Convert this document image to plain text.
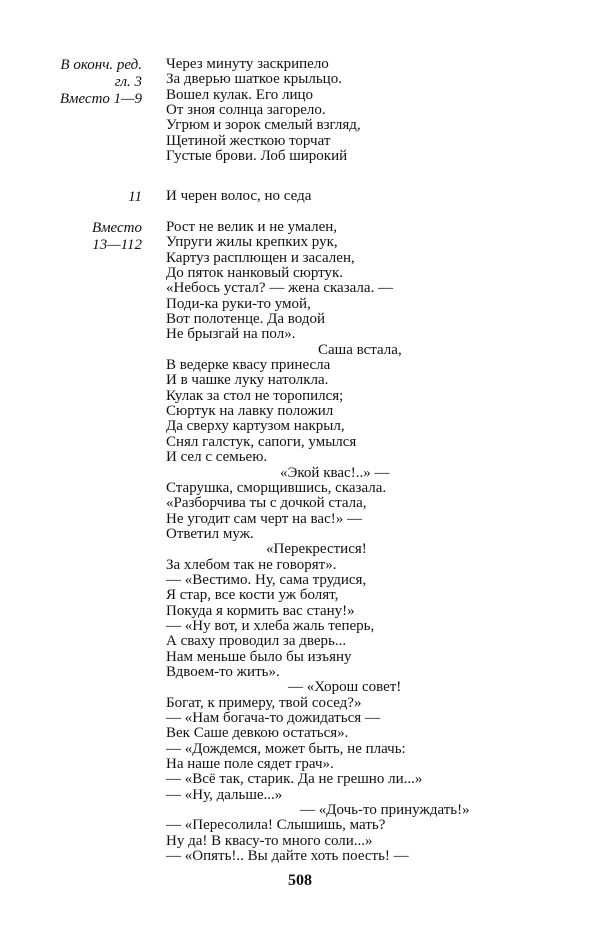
В оконч. ред.
гл. 3
Вместо 1—9
Через минуту заскрипело
За дверью шаткое крыльцо.
Вошел кулак. Его лицо
От зноя солнца загорело.
Угрюм и зорок смелый взгляд,
Щетиной жесткою торчат
Густые брови. Лоб широкий
11 И черен волос, но седа
Вместо
13—112
Рост не велик и не умален,
Упруги жилы крепких рук,
Картуз расплющен и засален,
До пяток нанковый сюртук.
«Небось устал? — жена сказала. —
Поди-ка руки-то умой,
Вот полотенце. Да водой
Не брызгай на пол».
Саша встала,
В ведерке квасу принесла
И в чашке луку натолкла.
Кулак за стол не торопился;
Сюртук на лавку положил
Да сверху картузом накрыл,
Снял галстук, сапоги, умылся
И сел с семьею.
«Экой квас!..» —
Старушка, сморщившись, сказала.
«Разборчива ты с дочкой стала,
Не угодит сам черт на вас!» —
Ответил муж.
«Перекрестися!
За хлебом так не говорят».
— «Вестимо. Ну, сама трудися,
Я стар, все кости уж болят,
Покуда я кормить вас стану!»
— «Ну вот, и хлеба жаль теперь,
А сваху проводил за дверь...
Нам меньше было бы изъяну
Вдвоем-то жить».
— «Хорош совет!
Богат, к примеру, твой сосед?»
— «Нам богача-то дожидаться —
Век Саше девкою остаться».
— «Дождемся, может быть, не плачь:
На наше поле сядет грач».
— «Всё так, старик. Да не грешно ли...»
— «Ну, дальше...»
— «Дочь-то принуждать!»
— «Пересолила! Слышишь, мать?
Ну да! В квасу-то много соли...»
— «Опять!.. Вы дайте хоть поесть! —
508
